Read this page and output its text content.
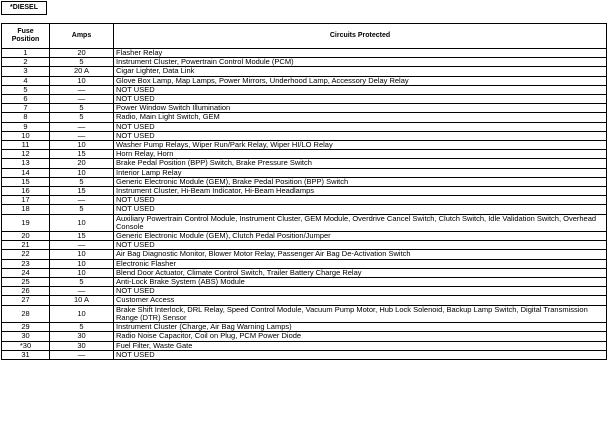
*DIESEL
Fuse Position	Amps	Circuits Protected
1	20	Flasher Relay
2	5	Instrument Cluster, Powertrain Control Module (PCM)
3	20 A	Cigar Lighter, Data Link
4	10	Glove Box Lamp, Map Lamps, Power Mirrors, Underhood Lamp, Accessory Delay Relay
5	—	NOT USED
6	—	NOT USED
7	5	Power Window Switch Illumination
8	5	Radio, Main Light Switch, GEM
9	—	NOT USED
10	—	NOT USED
11	10	Washer Pump Relays, Wiper Run/Park Relay, Wiper HI/LO Relay
12	15	Horn Relay, Horn
13	20	Brake Pedal Position (BPP) Switch, Brake Pressure Switch
14	10	Interior Lamp Relay
15	5	Generic Electronic Module (GEM), Brake Pedal Position (BPP) Switch
16	15	Instrument Cluster, Hi-Beam Indicator, Hi-Beam Headlamps
17	—	NOT USED
18	5	NOT USED
19	10	Auxiliary Powertrain Control Module, Instrument Cluster, GEM Module, Overdrive Cancel Switch, Clutch Switch, Idle Validation Switch, Overhead Console
20	15	Generic Electronic Module (GEM), Clutch Pedal Position/Jumper
21	—	NOT USED
22	10	Air Bag Diagnostic Monitor, Blower Motor Relay, Passenger Air Bag De-Activation Switch
23	10	Electronic Flasher
24	10	Blend Door Actuator, Climate Control Switch, Trailer Battery Charge Relay
25	5	Anti-Lock Brake System (ABS) Module
26	—	NOT USED
27	10 A	Customer Access
28	10	Brake Shift Interlock, DRL Relay, Speed Control Module, Vacuum Pump Motor, Hub Lock Solenoid, Backup Lamp Switch, Digital Transmission Range (DTR) Sensor
29	5	Instrument Cluster (Charge, Air Bag Warning Lamps)
30	30	Radio Noise Capacitor, Coil on Plug, PCM Power Diode
*30	30	Fuel Filter, Waste Gate
31	—	NOT USED
